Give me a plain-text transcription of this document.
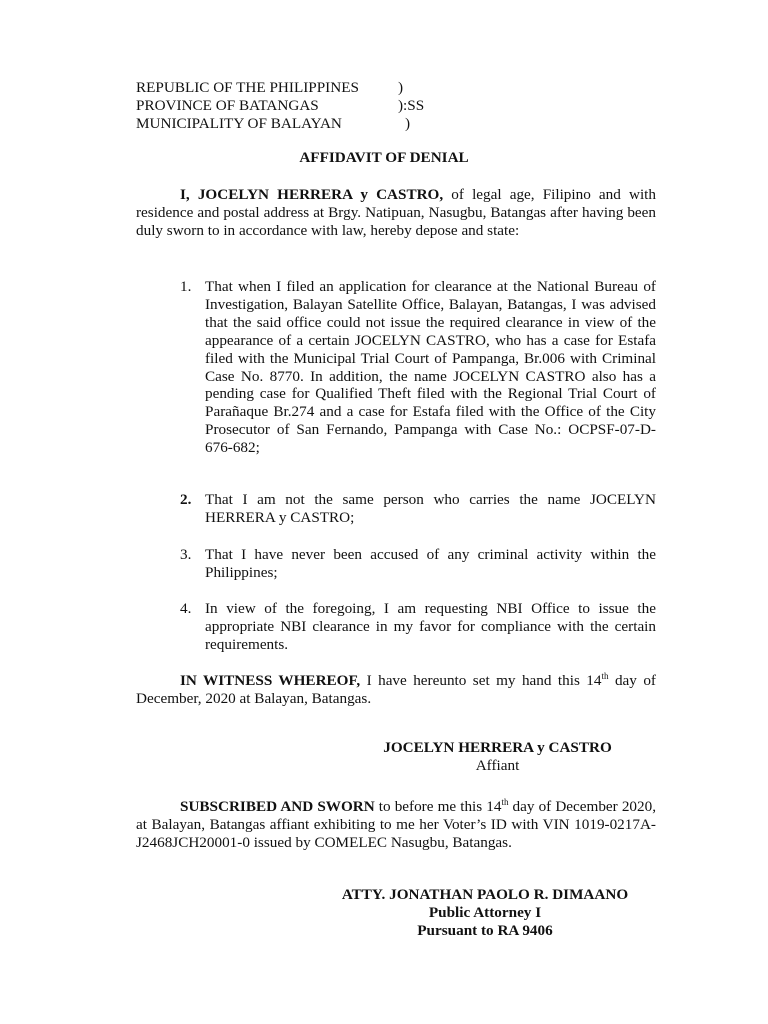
REPUBLIC OF THE PHILIPPINES	)
PROVINCE OF BATANGAS	):SS
MUNICIPALITY OF BALAYAN	)
AFFIDAVIT OF DENIAL
I, JOCELYN HERRERA y CASTRO, of legal age, Filipino and with residence and postal address at Brgy. Natipuan, Nasugbu, Batangas after having been duly sworn to in accordance with law, hereby depose and state:
1. That when I filed an application for clearance at the National Bureau of Investigation, Balayan Satellite Office, Balayan, Batangas, I was advised that the said office could not issue the required clearance in view of the appearance of a certain JOCELYN CASTRO, who has a case for Estafa filed with the Municipal Trial Court of Pampanga, Br.006 with Criminal Case No. 8770. In addition, the name JOCELYN CASTRO also has a pending case for Qualified Theft filed with the Regional Trial Court of Parañaque Br.274 and a case for Estafa filed with the Office of the City Prosecutor of San Fernando, Pampanga with Case No.: OCPSF-07-D-676-682;
2. That I am not the same person who carries the name JOCELYN HERRERA y CASTRO;
3. That I have never been accused of any criminal activity within the Philippines;
4. In view of the foregoing, I am requesting NBI Office to issue the appropriate NBI clearance in my favor for compliance with the certain requirements.
IN WITNESS WHEREOF, I have hereunto set my hand this 14th day of December, 2020 at Balayan, Batangas.
JOCELYN HERRERA y CASTRO
Affiant
SUBSCRIBED AND SWORN to before me this 14th day of December 2020, at Balayan, Batangas affiant exhibiting to me her Voter’s ID with VIN 1019-0217A-J2468JCH20001-0 issued by COMELEC Nasugbu, Batangas.
ATTY. JONATHAN PAOLO R. DIMAANO
Public Attorney I
Pursuant to RA 9406
